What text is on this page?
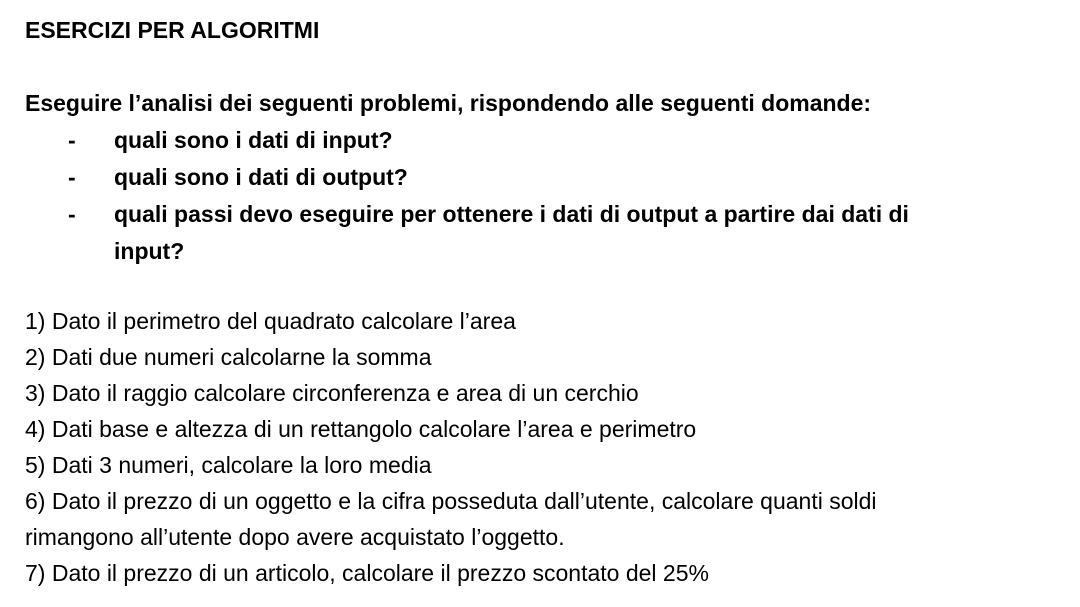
ESERCIZI PER ALGORITMI
Eseguire l’analisi dei seguenti problemi, rispondendo alle seguenti domande:
- quali sono i dati di input?
- quali sono i dati di output?
- quali passi devo eseguire per ottenere i dati di output a partire dai dati di
input?
1) Dato il perimetro del quadrato calcolare l’area
2) Dati due numeri calcolarne la somma
3) Dato il raggio calcolare circonferenza e area di un cerchio
4) Dati base e altezza di un rettangolo calcolare l’area e perimetro
5) Dati 3 numeri, calcolare la loro media
6) Dato il prezzo di un oggetto e la cifra posseduta dall’utente, calcolare quanti soldi
rimangono all’utente dopo avere acquistato l’oggetto.
7) Dato il prezzo di un articolo, calcolare il prezzo scontato del 25%
